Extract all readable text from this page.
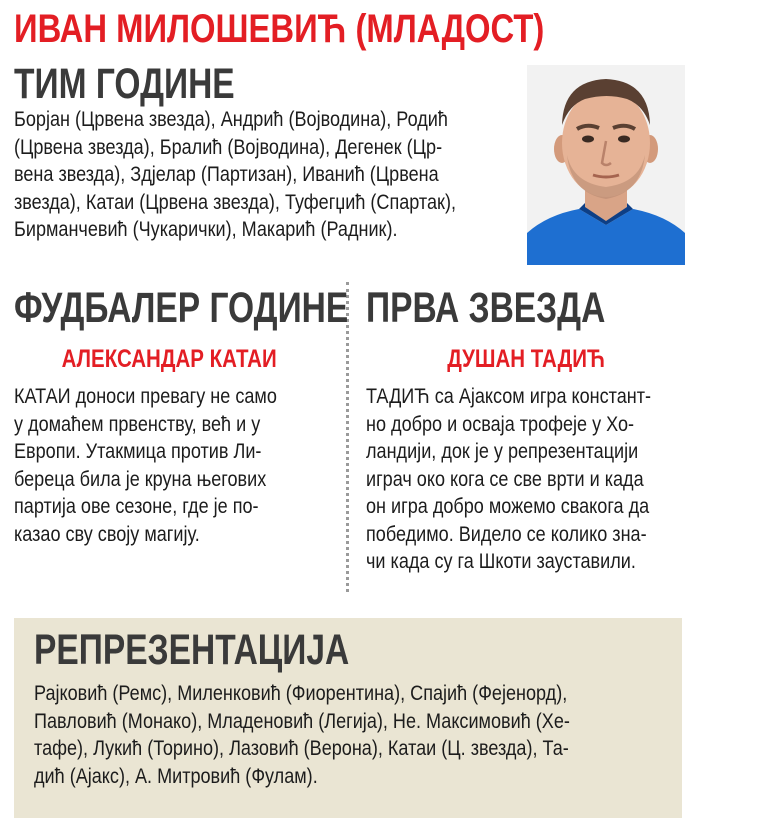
ИВАН МИЛОШЕВИЋ (МЛАДОСТ)
ТИМ ГОДИНЕ
Борјан (Црвена звезда), Андрић (Војводина), Родић
(Црвена звезда), Бралић (Војводина), Дегенек (Цр-
вена звезда), Здјелар (Партизан), Иванић (Црвена
звезда), Катаи (Црвена звезда), Туфегџић (Спартак),
Бирманчевић (Чукарички), Макарић (Радник).
ФУДБАЛЕР ГОДИНЕ
АЛЕКСАНДАР КАТАИ
КАТАИ доноси превагу не само
у домаћем првенству, већ и у
Европи. Утакмица против Ли-
береца била је круна његових
партија ове сезоне, где је по-
казао сву своју магију.
ПРВА ЗВЕЗДА
ДУШАН ТАДИЋ
ТАДИЋ са Ајаксом игра констант-
но добро и осваја трофеје у Хо-
ландији, док је у репрезентацији
играч око кога се све врти и када
он игра добро можемо свакога да
победимо. Видело се колико зна-
чи када су га Шкоти зауставили.
РЕПРЕЗЕНТАЦИЈА
Рајковић (Ремс), Миленковић (Фиорентина), Спајић (Фејенорд),
Павловић (Монако), Младеновић (Легија), Не. Максимовић (Хе-
тафе), Лукић (Торино), Лазовић (Верона), Катаи (Ц. звезда), Та-
дић (Ајакс), А. Митровић (Фулам).
